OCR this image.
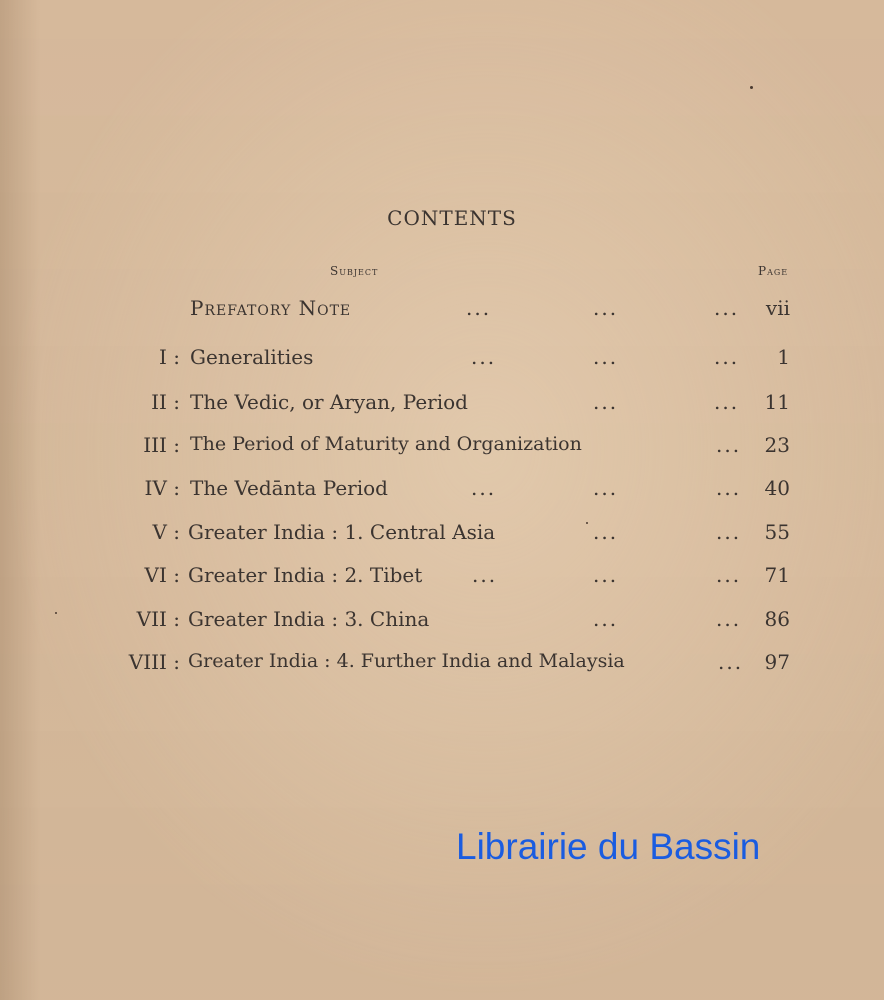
CONTENTS
Subject	Page
Prefatory Note	...	...	... vii
I : Generalities	...	...	... 1
II : The Vedic, or Aryan, Period	...	... 11
III : The Period of Maturity and Organization	... 23
IV : The Vedānta Period	...	...	... 40
V : Greater India : 1. Central Asia	...	... 55
VI : Greater India : 2. Tibet ...	...	... 71
VII : Greater India : 3. China	...	... 86
VIII : Greater India : 4. Further India and Malaysia	... 97
Librairie du Bassin
